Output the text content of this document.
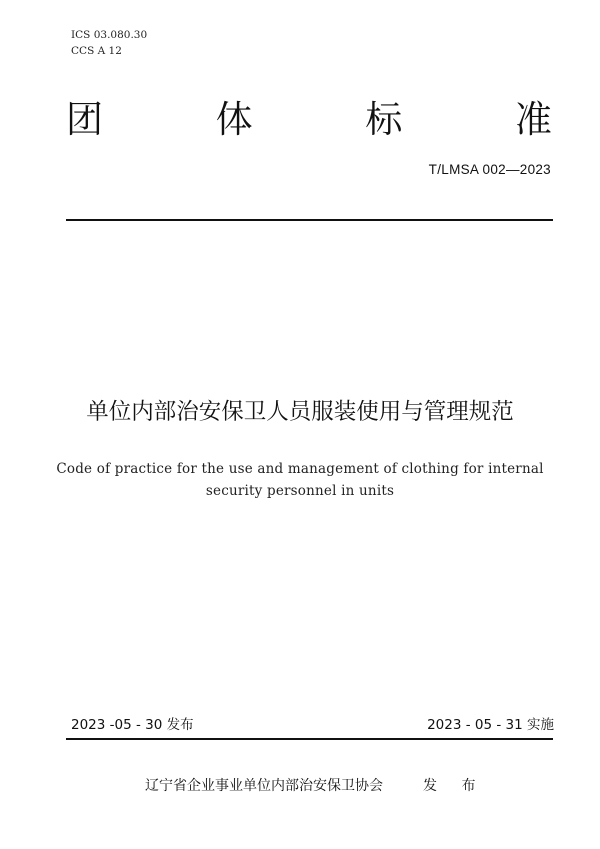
ICS 03.080.30
CCS A 12
团	体	标	准
T/LMSA 002—2023
单位内部治安保卫人员服装使用与管理规范
Code of practice for the use and management of clothing for internal
security personnel in units
2023 -05 - 30 发布	2023 - 05 - 31 实施
辽宁省企业事业单位内部治安保卫协会	发 布
